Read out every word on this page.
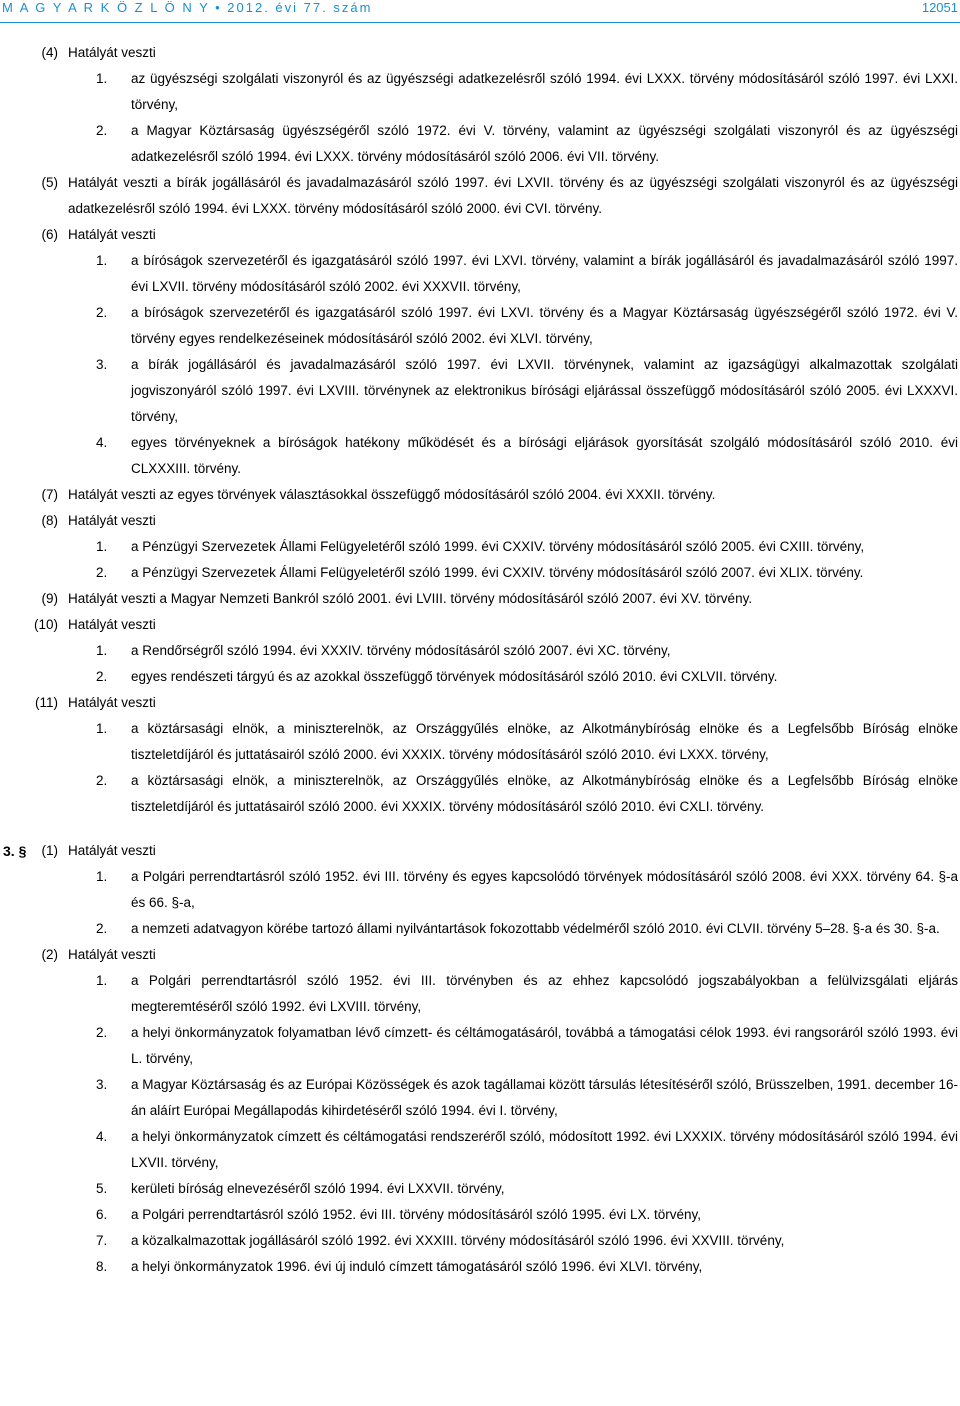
M A G Y A R K Ö Z L Ö N Y • 2012. évi 77. szám	12051
(4) Hatályát veszti
1. az ügyészségi szolgálati viszonyról és az ügyészségi adatkezelésről szóló 1994. évi LXXX. törvény módosításáról szóló 1997. évi LXXI. törvény,
2. a Magyar Köztársaság ügyészségéről szóló 1972. évi V. törvény, valamint az ügyészségi szolgálati viszonyról és az ügyészségi adatkezelésről szóló 1994. évi LXXX. törvény módosításáról szóló 2006. évi VII. törvény.
(5) Hatályát veszti a bírák jogállásáról és javadalmazásáról szóló 1997. évi LXVII. törvény és az ügyészségi szolgálati viszonyról és az ügyészségi adatkezelésről szóló 1994. évi LXXX. törvény módosításáról szóló 2000. évi CVI. törvény.
(6) Hatályát veszti
1. a bíróságok szervezetéről és igazgatásáról szóló 1997. évi LXVI. törvény, valamint a bírák jogállásáról és javadalmazásáról szóló 1997. évi LXVII. törvény módosításáról szóló 2002. évi XXXVII. törvény,
2. a bíróságok szervezetéről és igazgatásáról szóló 1997. évi LXVI. törvény és a Magyar Köztársaság ügyészségéről szóló 1972. évi V. törvény egyes rendelkezéseinek módosításáról szóló 2002. évi XLVI. törvény,
3. a bírák jogállásáról és javadalmazásáról szóló 1997. évi LXVII. törvénynek, valamint az igazságügyi alkalmazottak szolgálati jogviszonyáról szóló 1997. évi LXVIII. törvénynek az elektronikus bírósági eljárással összefüggő módosításáról szóló 2005. évi LXXXVI. törvény,
4. egyes törvényeknek a bíróságok hatékony működését és a bírósági eljárások gyorsítását szolgáló módosításáról szóló 2010. évi CLXXXIII. törvény.
(7) Hatályát veszti az egyes törvények választásokkal összefüggő módosításáról szóló 2004. évi XXXII. törvény.
(8) Hatályát veszti
1. a Pénzügyi Szervezetek Állami Felügyeletéről szóló 1999. évi CXXIV. törvény módosításáról szóló 2005. évi CXIII. törvény,
2. a Pénzügyi Szervezetek Állami Felügyeletéről szóló 1999. évi CXXIV. törvény módosításáról szóló 2007. évi XLIX. törvény.
(9) Hatályát veszti a Magyar Nemzeti Bankról szóló 2001. évi LVIII. törvény módosításáról szóló 2007. évi XV. törvény.
(10) Hatályát veszti
1. a Rendőrségről szóló 1994. évi XXXIV. törvény módosításáról szóló 2007. évi XC. törvény,
2. egyes rendészeti tárgyú és az azokkal összefüggő törvények módosításáról szóló 2010. évi CXLVII. törvény.
(11) Hatályát veszti
1. a köztársasági elnök, a miniszterelnök, az Országgyűlés elnöke, az Alkotmánybíróság elnöke és a Legfelsőbb Bíróság elnöke tiszteletdíjáról és juttatásairól szóló 2000. évi XXXIX. törvény módosításáról szóló 2010. évi LXXX. törvény,
2. a köztársasági elnök, a miniszterelnök, az Országgyűlés elnöke, az Alkotmánybíróság elnöke és a Legfelsőbb Bíróság elnöke tiszteletdíjáról és juttatásairól szóló 2000. évi XXXIX. törvény módosításáról szóló 2010. évi CXLI. törvény.
3. §	(1) Hatályát veszti
1. a Polgári perrendtartásról szóló 1952. évi III. törvény és egyes kapcsolódó törvények módosításáról szóló 2008. évi XXX. törvény 64. §-a és 66. §-a,
2. a nemzeti adatvagyon körébe tartozó állami nyilvántartások fokozottabb védelméről szóló 2010. évi CLVII. törvény 5–28. §-a és 30. §-a.
(2) Hatályát veszti
1. a Polgári perrendtartásról szóló 1952. évi III. törvényben és az ehhez kapcsolódó jogszabályokban a felülvizsgálati eljárás megteremtéséről szóló 1992. évi LXVIII. törvény,
2. a helyi önkormányzatok folyamatban lévő címzett- és céltámogatásáról, továbbá a támogatási célok 1993. évi rangsoráról szóló 1993. évi L. törvény,
3. a Magyar Köztársaság és az Európai Közösségek és azok tagállamai között társulás létesítéséről szóló, Brüsszelben, 1991. december 16-án aláírt Európai Megállapodás kihirdetéséről szóló 1994. évi I. törvény,
4. a helyi önkormányzatok címzett és céltámogatási rendszeréről szóló, módosított 1992. évi LXXXIX. törvény módosításáról szóló 1994. évi LXVII. törvény,
5. kerületi bíróság elnevezéséről szóló 1994. évi LXXVII. törvény,
6. a Polgári perrendtartásról szóló 1952. évi III. törvény módosításáról szóló 1995. évi LX. törvény,
7. a közalkalmazottak jogállásáról szóló 1992. évi XXXIII. törvény módosításáról szóló 1996. évi XXVIII. törvény,
8. a helyi önkormányzatok 1996. évi új induló címzett támogatásáról szóló 1996. évi XLVI. törvény,
